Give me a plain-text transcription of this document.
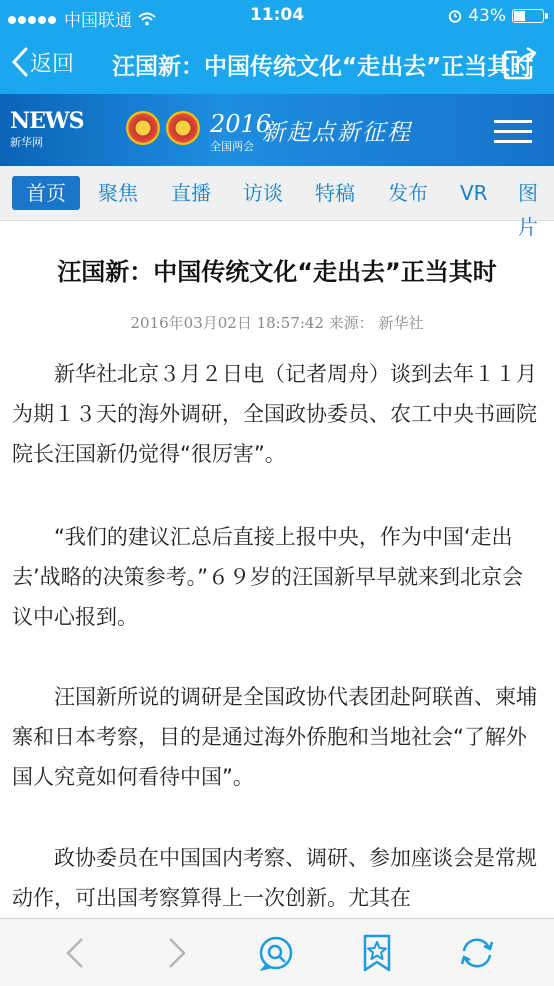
中国联通	11:04	43%
返回 汪国新：中国传统文化“走出去”正当其时
NEWS
新华网
2016
全国两会
新起点新征程
首页	聚焦	直播	访谈	特稿	发布	VR	图片
汪国新：中国传统文化“走出去”正当其时
2016年03月02日 18:57:42 来源： 新华社

新华社北京３月２日电（记者周舟）谈到去年１１月为期１３天的海外调研，全国政协委员、农工中央书画院院长汪国新仍觉得“很厉害”。

“我们的建议汇总后直接上报中央，作为中国‘走出去’战略的决策参考。”６９岁的汪国新早早就来到北京会议中心报到。

汪国新所说的调研是全国政协代表团赴阿联酋、柬埔寨和日本考察，目的是通过海外侨胞和当地社会“了解外国人究竟如何看待中国”。

政协委员在中国国内考察、调研、参加座谈会是常规动作，可出国考察算得上一次创新。尤其在
